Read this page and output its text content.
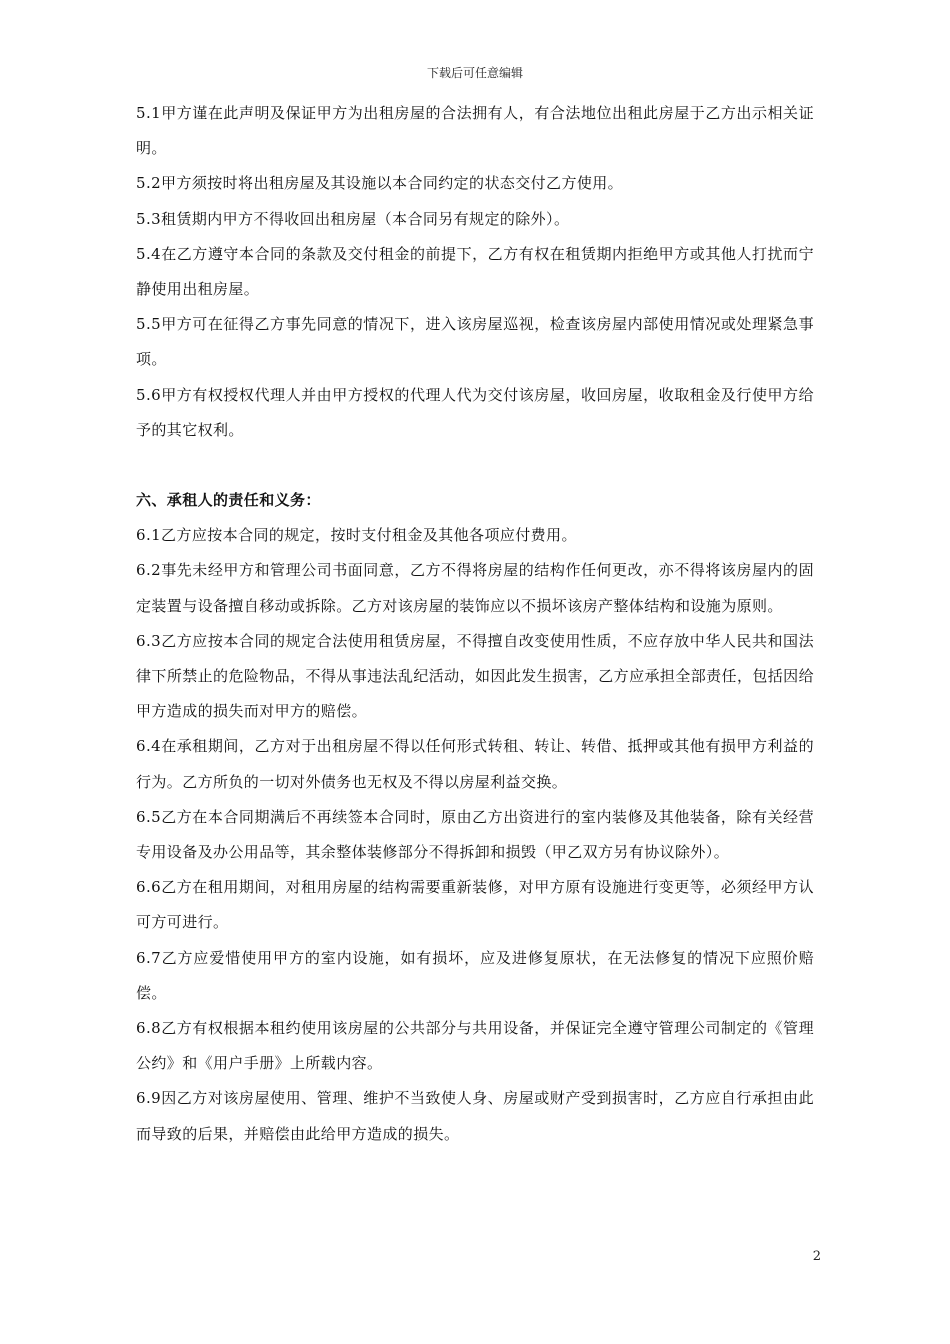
下载后可任意编辑

5.1甲方谨在此声明及保证甲方为出租房屋的合法拥有人，有合法地位出租此房屋于乙方出示相关证明。

5.2甲方须按时将出租房屋及其设施以本合同约定的状态交付乙方使用。

5.3租赁期内甲方不得收回出租房屋（本合同另有规定的除外）。

5.4在乙方遵守本合同的条款及交付租金的前提下，乙方有权在租赁期内拒绝甲方或其他人打扰而宁静使用出租房屋。

5.5甲方可在征得乙方事先同意的情况下，进入该房屋巡视，检查该房屋内部使用情况或处理紧急事项。

5.6甲方有权授权代理人并由甲方授权的代理人代为交付该房屋，收回房屋，收取租金及行使甲方给予的其它权利。

六、承租人的责任和义务：

6.1乙方应按本合同的规定，按时支付租金及其他各项应付费用。

6.2事先未经甲方和管理公司书面同意，乙方不得将房屋的结构作任何更改，亦不得将该房屋内的固定装置与设备擅自移动或拆除。乙方对该房屋的装饰应以不损坏该房产整体结构和设施为原则。

6.3乙方应按本合同的规定合法使用租赁房屋，不得擅自改变使用性质，不应存放中华人民共和国法律下所禁止的危险物品，不得从事违法乱纪活动，如因此发生损害，乙方应承担全部责任，包括因给甲方造成的损失而对甲方的赔偿。

6.4在承租期间，乙方对于出租房屋不得以任何形式转租、转让、转借、抵押或其他有损甲方利益的行为。乙方所负的一切对外债务也无权及不得以房屋利益交换。

6.5乙方在本合同期满后不再续签本合同时，原由乙方出资进行的室内装修及其他装备，除有关经营专用设备及办公用品等，其余整体装修部分不得拆卸和损毁（甲乙双方另有协议除外）。

6.6乙方在租用期间，对租用房屋的结构需要重新装修，对甲方原有设施进行变更等，必须经甲方认可方可进行。

6.7乙方应爱惜使用甲方的室内设施，如有损坏，应及进修复原状，在无法修复的情况下应照价赔偿。

6.8乙方有权根据本租约使用该房屋的公共部分与共用设备，并保证完全遵守管理公司制定的《管理公约》和《用户手册》上所载内容。

6.9因乙方对该房屋使用、管理、维护不当致使人身、房屋或财产受到损害时，乙方应自行承担由此而导致的后果，并赔偿由此给甲方造成的损失。

2
